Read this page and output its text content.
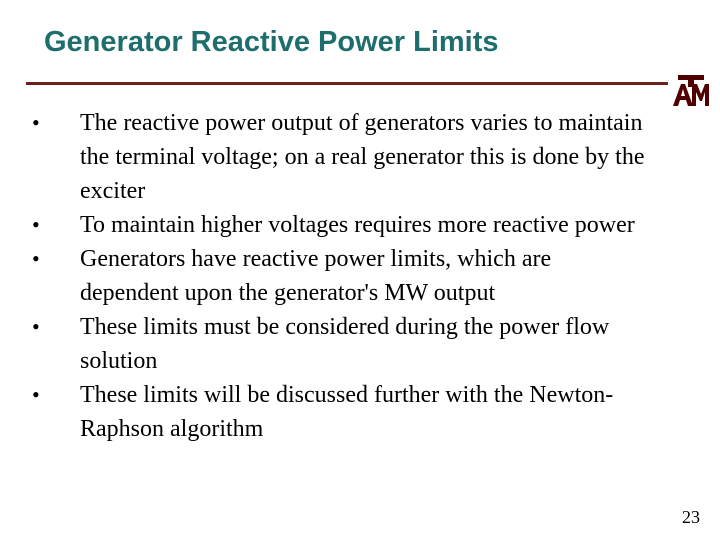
Generator Reactive Power Limits
•	The reactive power output of generators varies to maintain the terminal voltage; on a real generator this is done by the exciter
•	To maintain higher voltages requires more reactive power
•	Generators have reactive power limits, which are dependent upon the generator's MW output
•	These limits must be considered during the power flow solution
•	These limits will be discussed further with the Newton-Raphson algorithm
23
